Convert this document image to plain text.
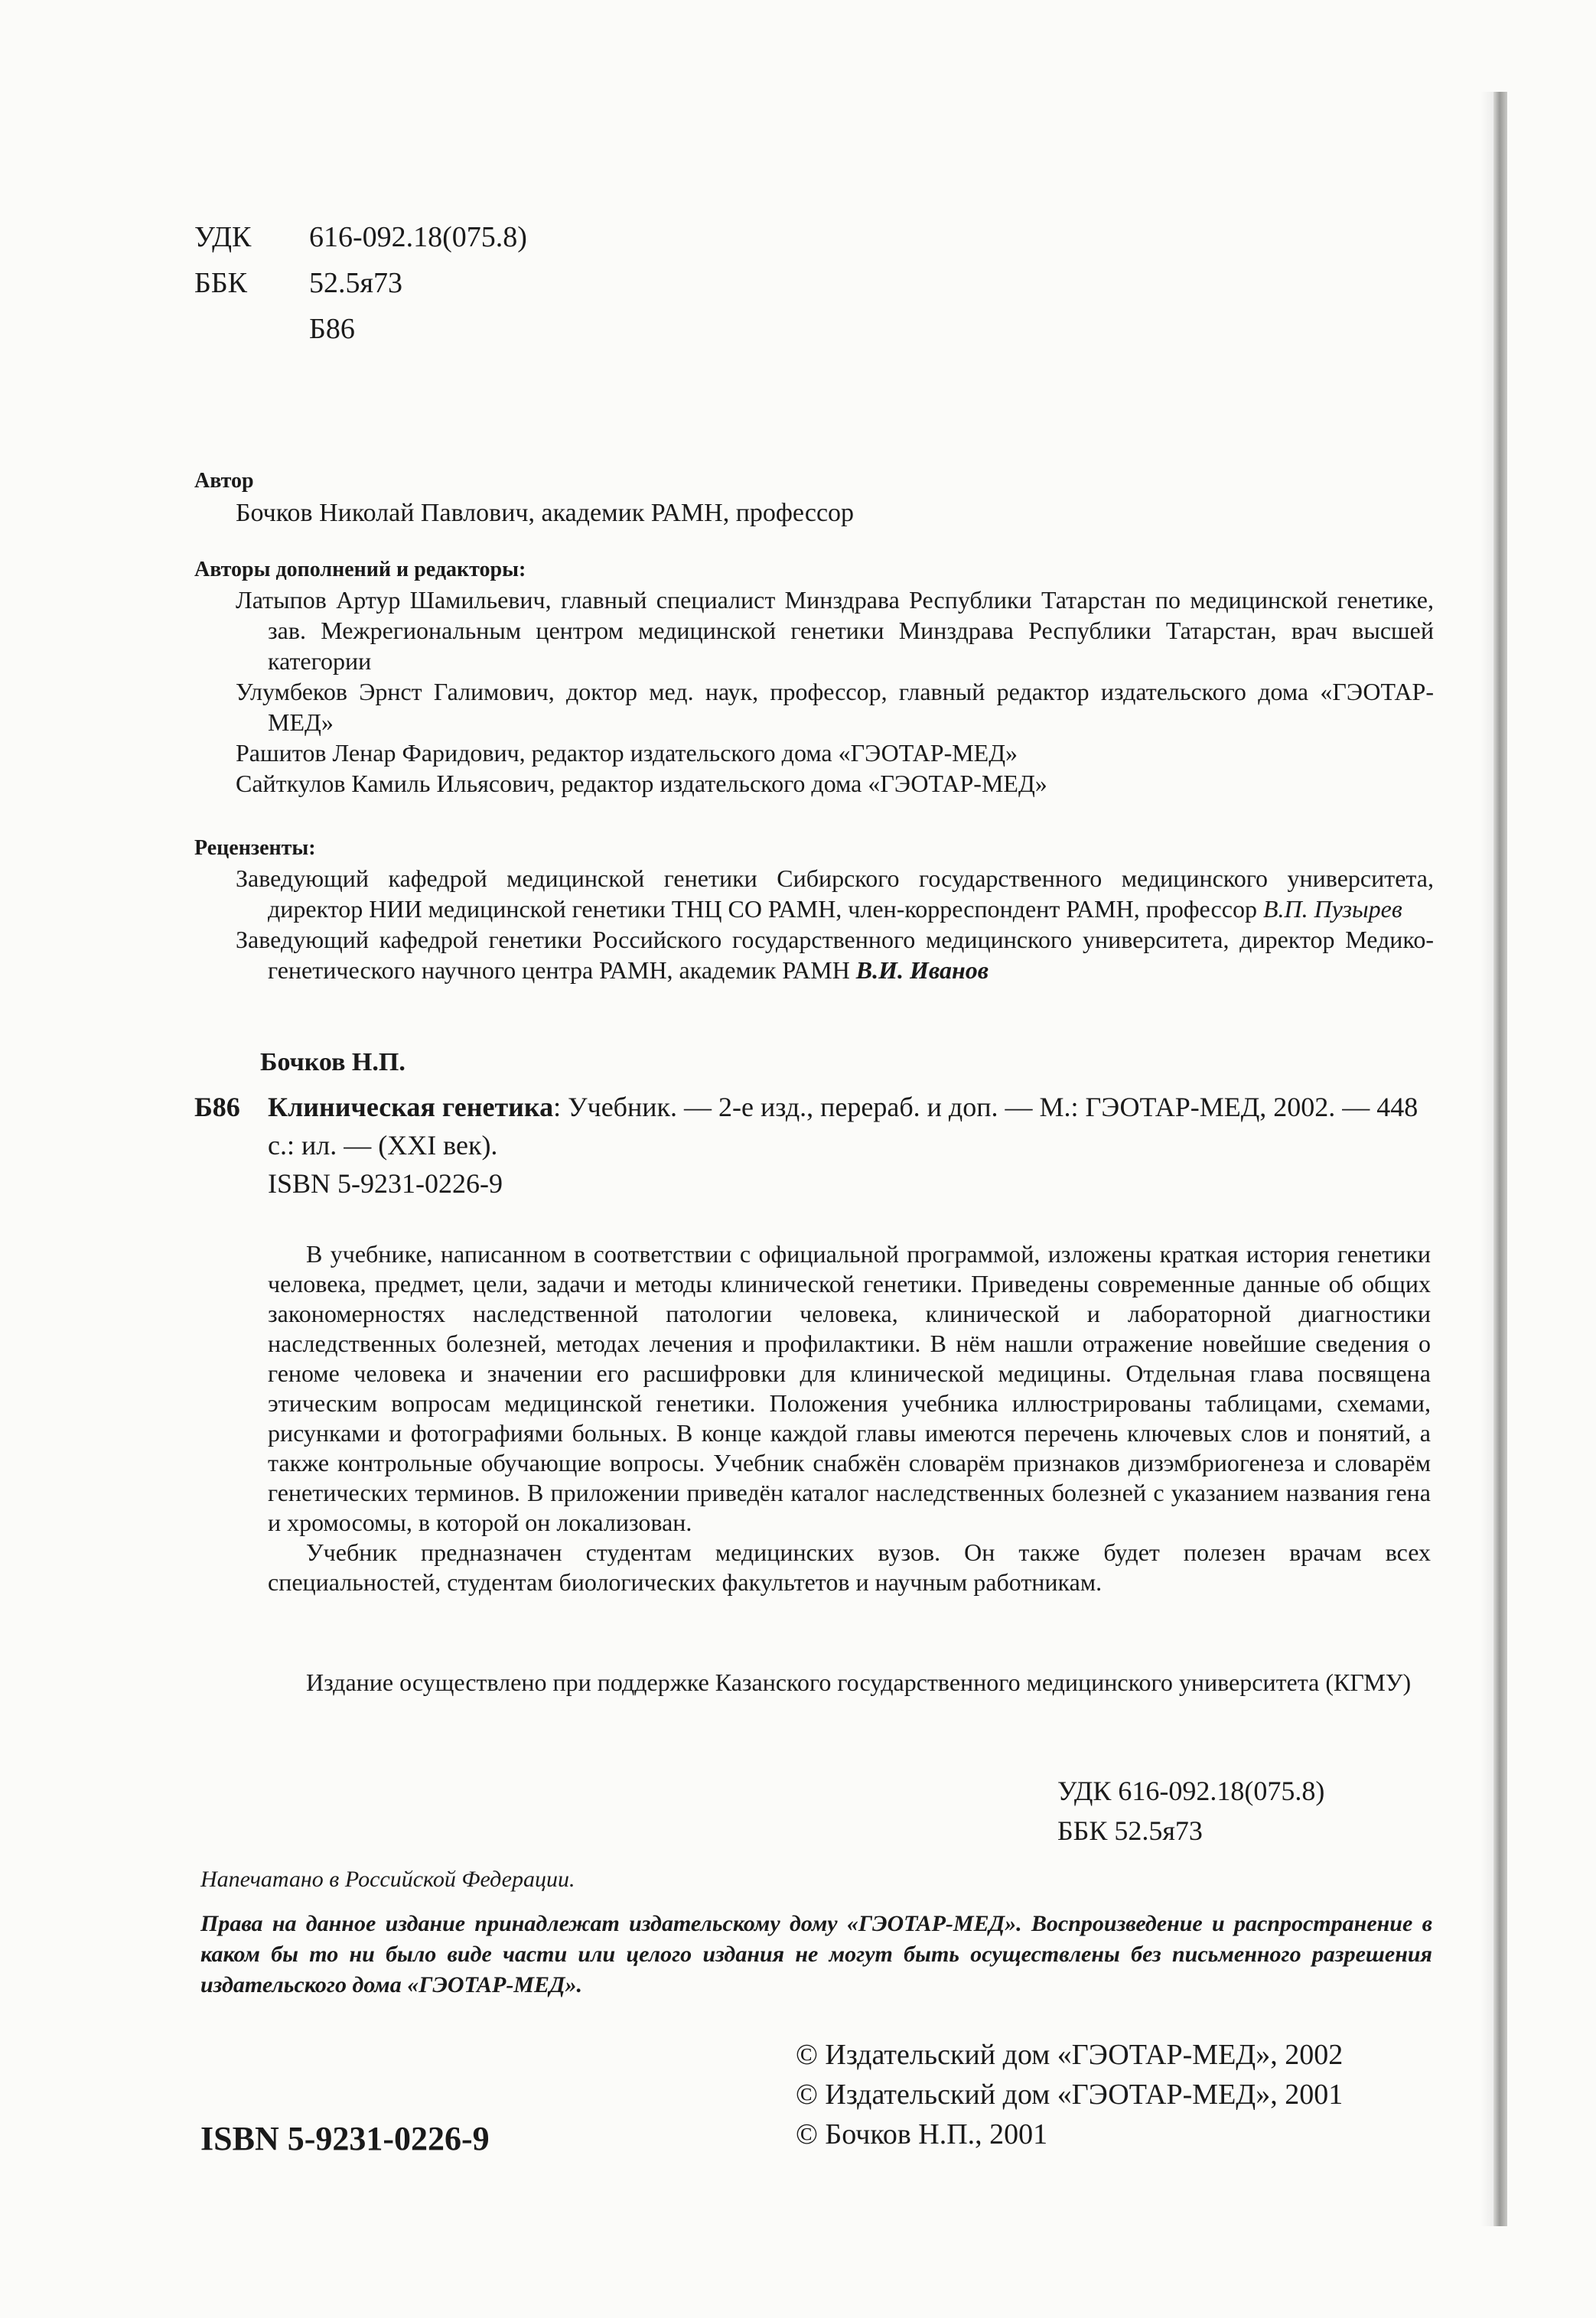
УДК	616-092.18(075.8)
ББК	52.5я73
Б86
Автор
Бочков Николай Павлович, академик РАМН, профессор
Авторы дополнений и редакторы:
Латыпов Артур Шамильевич, главный специалист Минздрава Республики Татарстан по медицинской генетике, зав. Межрегиональным центром медицинской генетики Минздрава Республики Татарстан, врач высшей категории
Улумбеков Эрнст Галимович, доктор мед. наук, профессор, главный редактор издательского дома «ГЭОТАР-МЕД»
Рашитов Ленар Фаридович, редактор издательского дома «ГЭОТАР-МЕД»
Сайткулов Камиль Ильясович, редактор издательского дома «ГЭОТАР-МЕД»
Рецензенты:
Заведующий кафедрой медицинской генетики Сибирского государственного медицинского университета, директор НИИ медицинской генетики ТНЦ СО РАМН, член-корреспондент РАМН, профессор В.П. Пузырев
Заведующий кафедрой генетики Российского государственного медицинского университета, директор Медико-генетического научного центра РАМН, академик РАМН В.И. Иванов
Бочков Н.П.
Б86 Клиническая генетика: Учебник. — 2-е изд., перераб. и доп. — М.: ГЭОТАР-МЕД, 2002. — 448 с.: ил. — (XXI век).
ISBN 5-9231-0226-9

В учебнике, написанном в соответствии с официальной программой, изложены краткая история генетики человека, предмет, цели, задачи и методы клинической генетики. Приведены современные данные об общих закономерностях наследственной патологии человека, клинической и лабораторной диагностики наследственных болезней, методах лечения и профилактики. В нём нашли отражение новейшие сведения о геноме человека и значении его расшифровки для клинической медицины. Отдельная глава посвящена этическим вопросам медицинской генетики. Положения учебника иллюстрированы таблицами, схемами, рисунками и фотографиями больных. В конце каждой главы имеются перечень ключевых слов и понятий, а также контрольные обучающие вопросы. Учебник снабжён словарём признаков дизэмбриогенеза и словарём генетических терминов. В приложении приведён каталог наследственных болезней с указанием названия гена и хромосомы, в которой он локализован.

Учебник предназначен студентам медицинских вузов. Он также будет полезен врачам всех специальностей, студентам биологических факультетов и научным работникам.

Издание осуществлено при поддержке Казанского государственного медицинского университета (КГМУ)
УДК 616-092.18(075.8)
ББК 52.5я73
Напечатано в Российской Федерации.
Права на данное издание принадлежат издательскому дому «ГЭОТАР-МЕД». Воспроизведение и распространение в каком бы то ни было виде части или целого издания не могут быть осуществлены без письменного разрешения издательского дома «ГЭОТАР-МЕД».
© Издательский дом «ГЭОТАР-МЕД», 2002
© Издательский дом «ГЭОТАР-МЕД», 2001
© Бочков Н.П., 2001
ISBN 5-9231-0226-9
